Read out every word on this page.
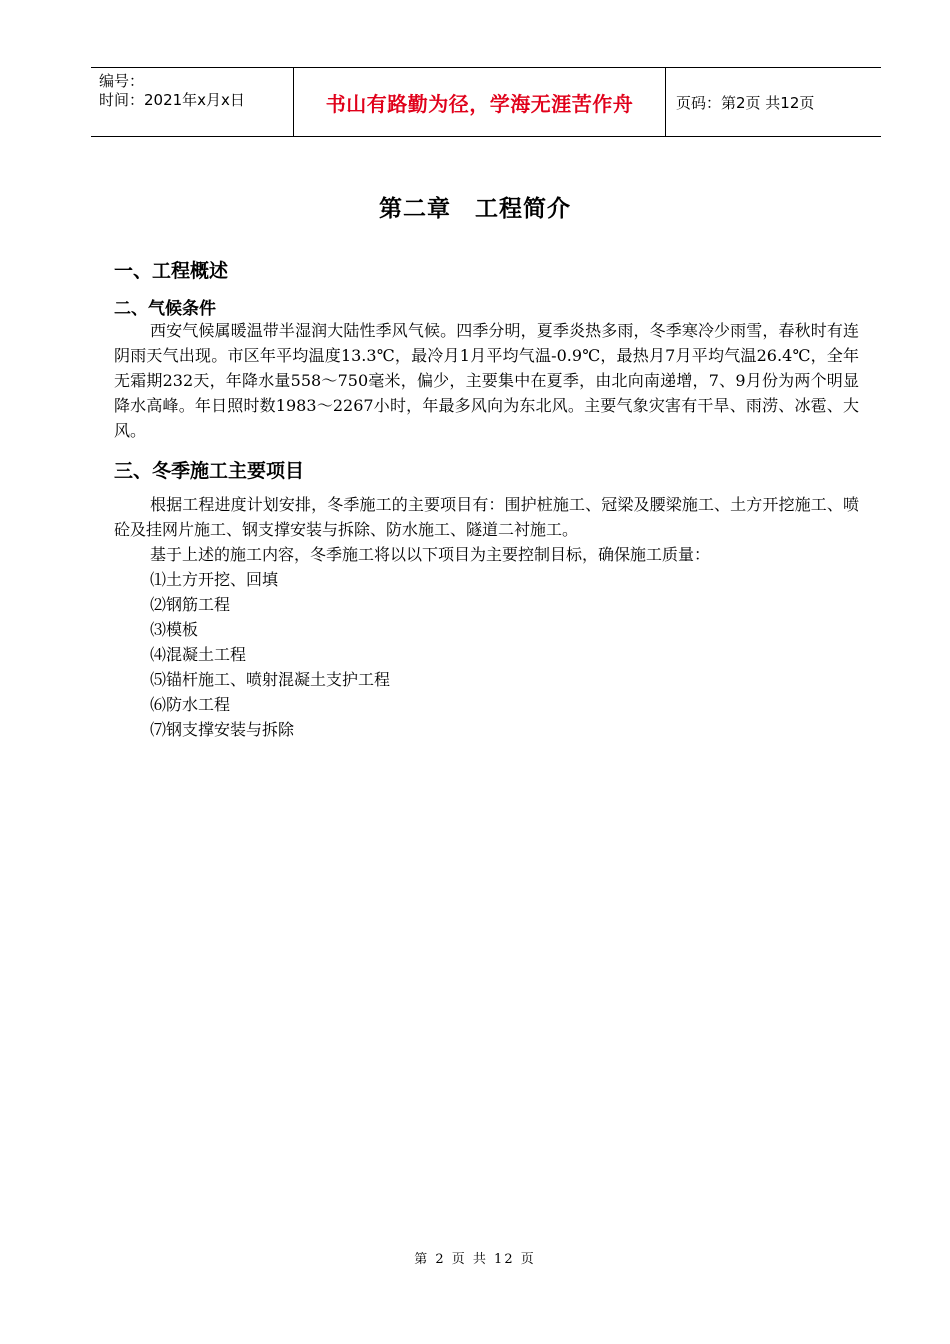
编号：
时间：2021年x月x日	书山有路勤为径，学海无涯苦作舟	页码：第2页 共12页
第二章　工程简介
一、工程概述
二、气候条件

西安气候属暖温带半湿润大陆性季风气候。四季分明，夏季炎热多雨，冬季寒冷少雨雪，春秋时有连阴雨天气出现。市区年平均温度13.3℃，最冷月1月平均气温-0.9℃，最热月7月平均气温26.4℃，全年无霜期232天，年降水量558～750毫米，偏少，主要集中在夏季，由北向南递增，7、9月份为两个明显降水高峰。年日照时数1983～2267小时，年最多风向为东北风。主要气象灾害有干旱、雨涝、冰雹、大风。

三、冬季施工主要项目

根据工程进度计划安排，冬季施工的主要项目有：围护桩施工、冠梁及腰梁施工、土方开挖施工、喷砼及挂网片施工、钢支撑安装与拆除、防水施工、隧道二衬施工。

基于上述的施工内容，冬季施工将以以下项目为主要控制目标，确保施工质量：

⑴土方开挖、回填
⑵钢筋工程
⑶模板
⑷混凝土工程
⑸锚杆施工、喷射混凝土支护工程
⑹防水工程
⑺钢支撑安装与拆除
第 2 页 共 12 页
